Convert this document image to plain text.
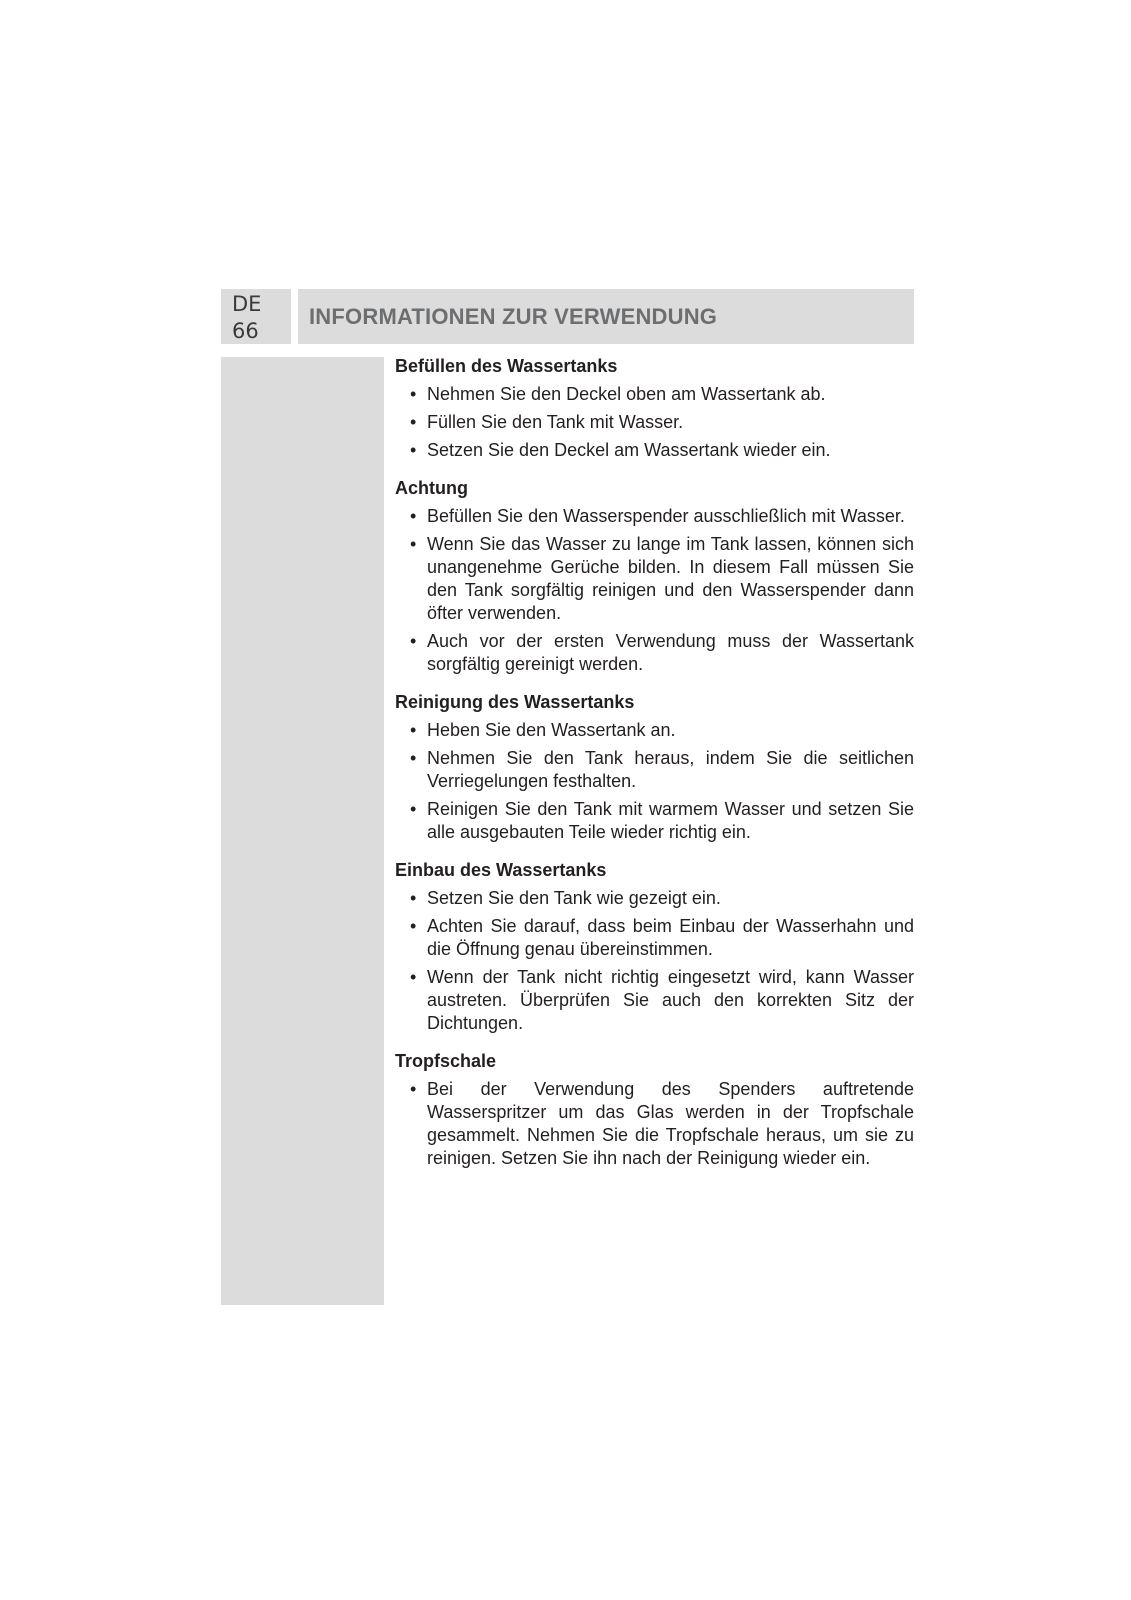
DE
66
INFORMATIONEN ZUR VERWENDUNG
Befüllen des Wassertanks
• Nehmen Sie den Deckel oben am Wassertank ab.
• Füllen Sie den Tank mit Wasser.
• Setzen Sie den Deckel am Wassertank wieder ein.
Achtung
• Befüllen Sie den Wasserspender ausschließlich mit Wasser.
• Wenn Sie das Wasser zu lange im Tank lassen, können sich unangenehme Gerüche bilden. In diesem Fall müssen Sie den Tank sorgfältig reinigen und den Wasserspender dann öfter verwenden.
• Auch vor der ersten Verwendung muss der Wassertank sorgfältig gereinigt werden.
Reinigung des Wassertanks
• Heben Sie den Wassertank an.
• Nehmen Sie den Tank heraus, indem Sie die seitlichen Verriegelungen festhalten.
• Reinigen Sie den Tank mit warmem Wasser und setzen Sie alle ausgebauten Teile wieder richtig ein.
Einbau des Wassertanks
• Setzen Sie den Tank wie gezeigt ein.
• Achten Sie darauf, dass beim Einbau der Wasserhahn und die Öffnung genau übereinstimmen.
• Wenn der Tank nicht richtig eingesetzt wird, kann Wasser austreten. Überprüfen Sie auch den korrekten Sitz der Dichtungen.
Tropfschale
• Bei der Verwendung des Spenders auftretende Wasserspritzer um das Glas werden in der Tropfschale gesammelt. Nehmen Sie die Tropfschale heraus, um sie zu reinigen. Setzen Sie ihn nach der Reinigung wieder ein.
